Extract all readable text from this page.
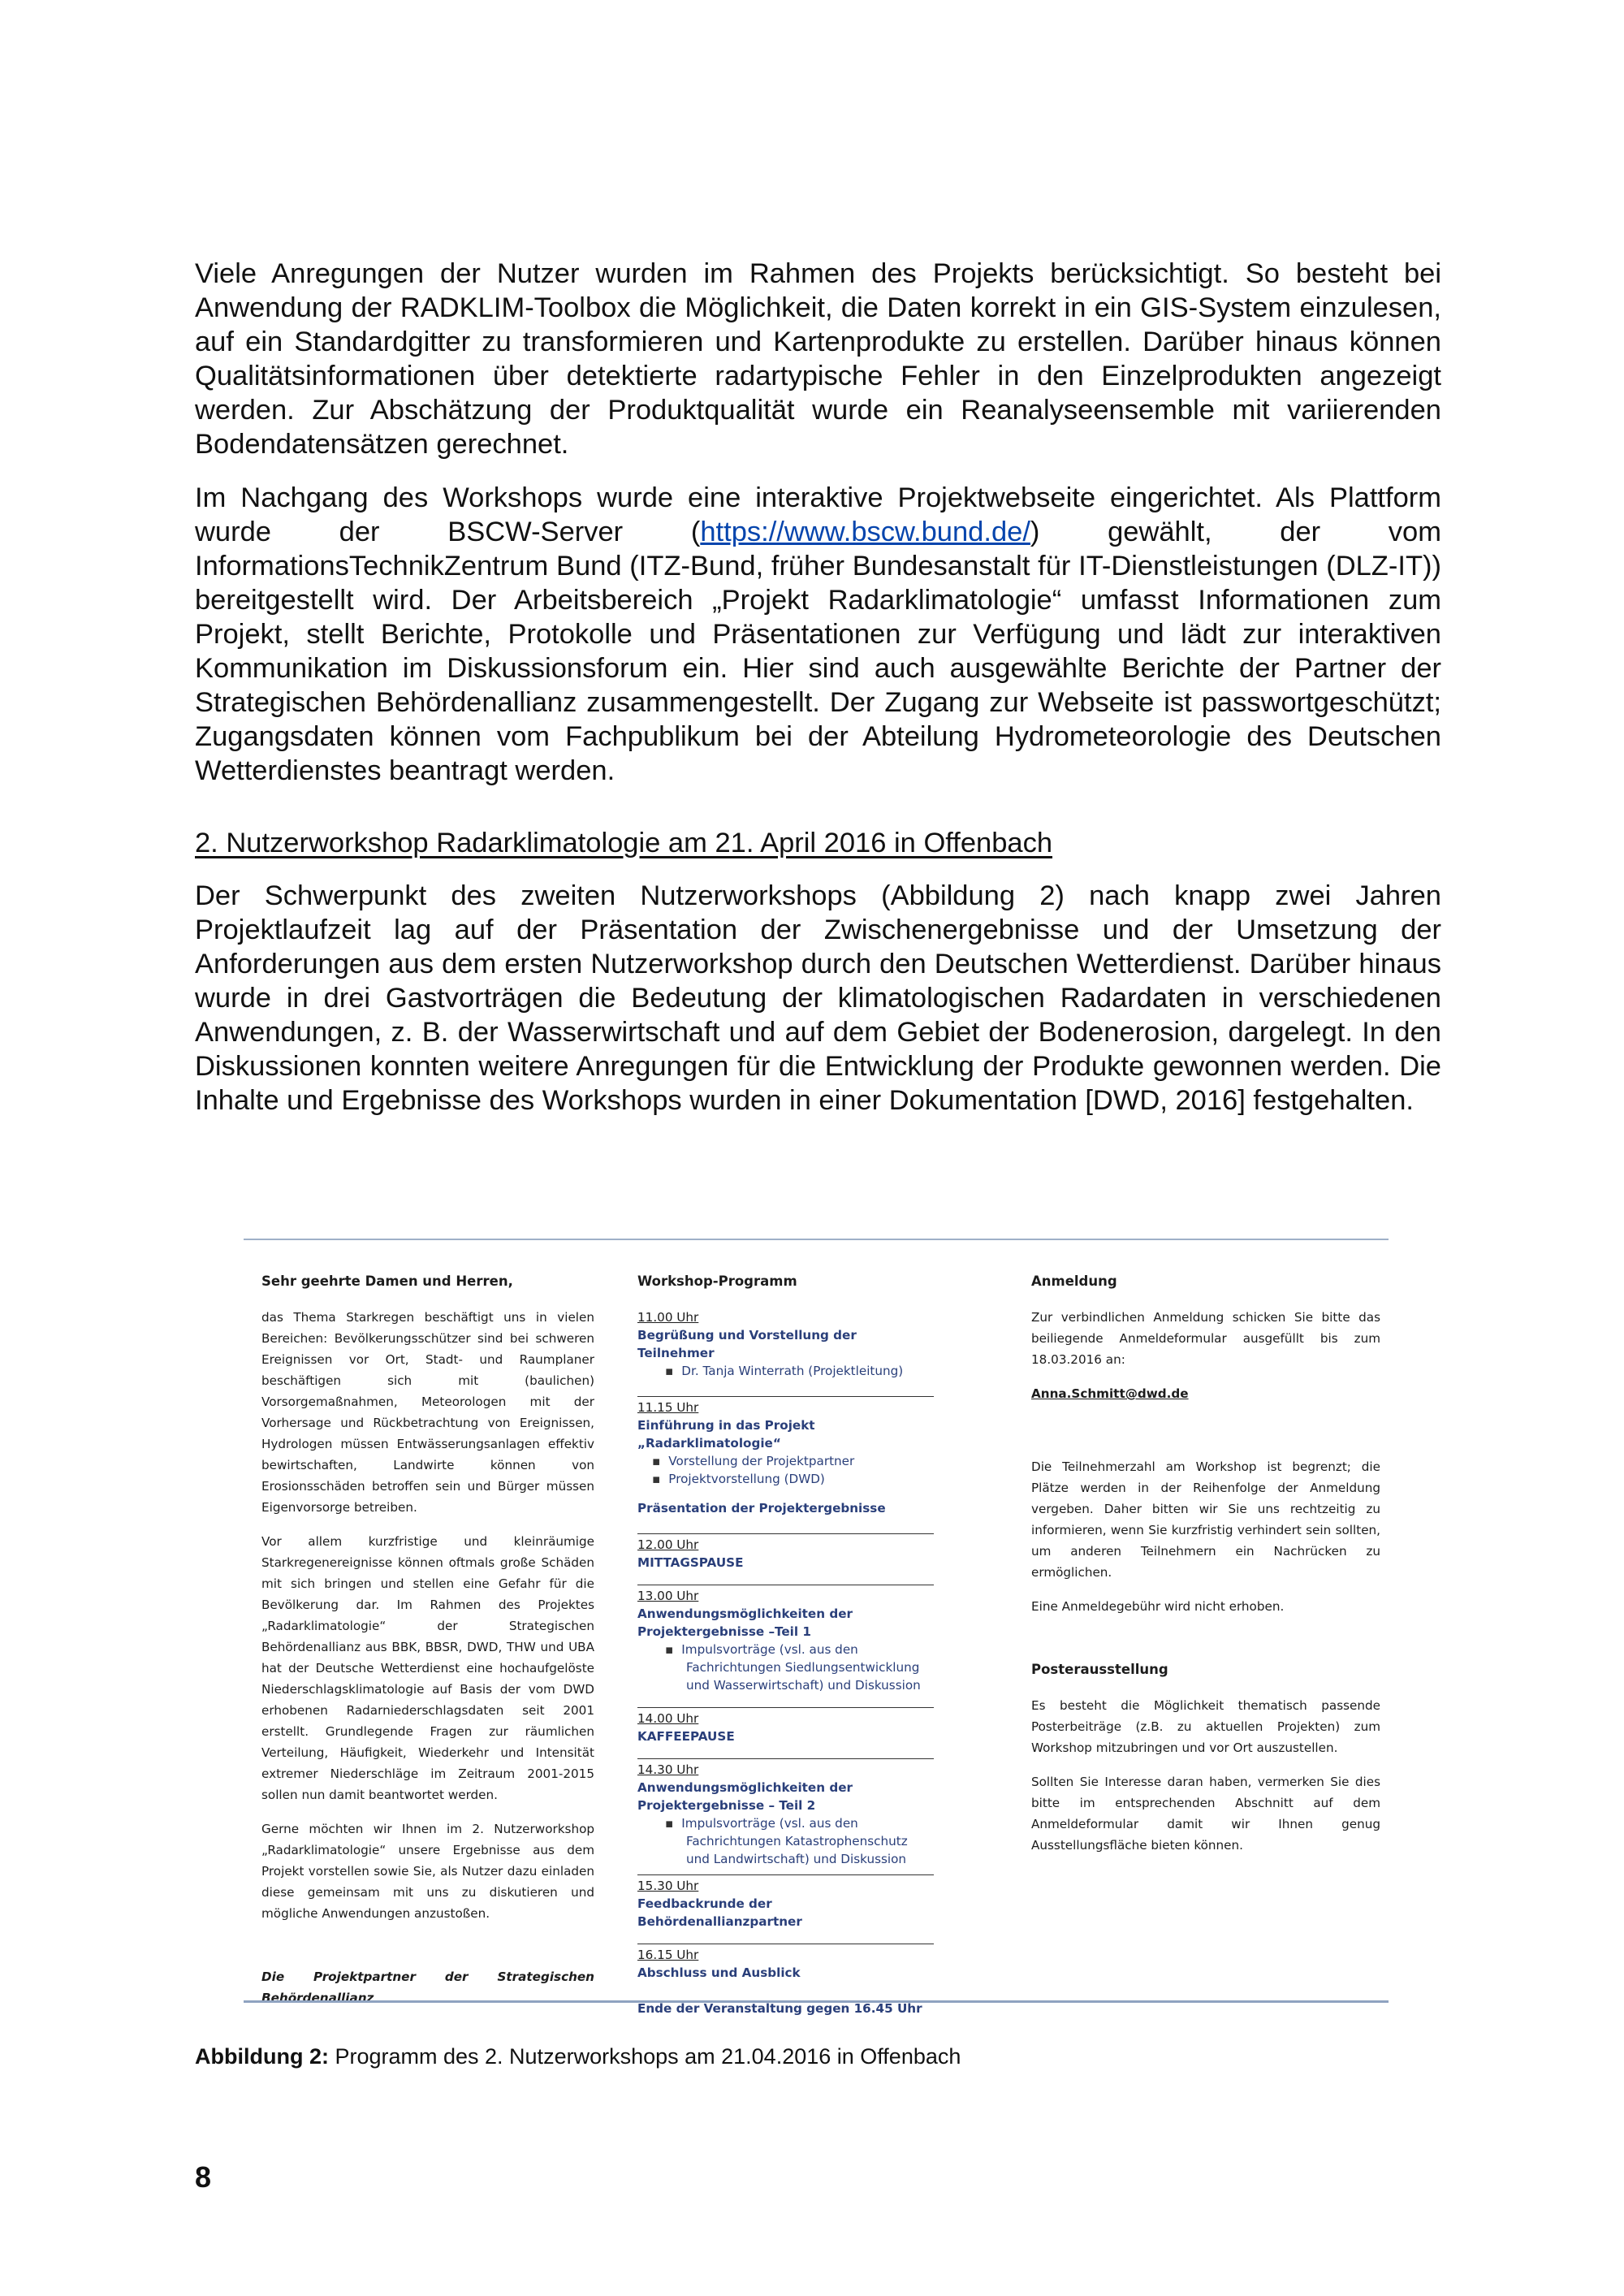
Viele Anregungen der Nutzer wurden im Rahmen des Projekts berücksichtigt. So besteht bei Anwendung der RADKLIM-Toolbox die Möglichkeit, die Daten korrekt in ein GIS-System einzulesen, auf ein Standardgitter zu transformieren und Kartenprodukte zu erstellen. Darüber hinaus können Qualitätsinformationen über detektierte radartypische Fehler in den Einzelprodukten angezeigt werden. Zur Abschätzung der Produktqualität wurde ein Reanalyseensemble mit variierenden Bodendatensätzen gerechnet.

Im Nachgang des Workshops wurde eine interaktive Projektwebseite eingerichtet. Als Plattform wurde der BSCW-Server (https://www.bscw.bund.de/) gewählt, der vom InformationsTechnikZentrum Bund (ITZ-Bund, früher Bundesanstalt für IT-Dienstleistungen (DLZ-IT)) bereitgestellt wird. Der Arbeitsbereich „Projekt Radarklimatologie“ umfasst Informationen zum Projekt, stellt Berichte, Protokolle und Präsentationen zur Verfügung und lädt zur interaktiven Kommunikation im Diskussionsforum ein. Hier sind auch ausgewählte Berichte der Partner der Strategischen Behördenallianz zusammengestellt. Der Zugang zur Webseite ist passwortgeschützt; Zugangsdaten können vom Fachpublikum bei der Abteilung Hydrometeorologie des Deutschen Wetterdienstes beantragt werden.

2. Nutzerworkshop Radarklimatologie am 21. April 2016 in Offenbach

Der Schwerpunkt des zweiten Nutzerworkshops (Abbildung 2) nach knapp zwei Jahren Projektlaufzeit lag auf der Präsentation der Zwischenergebnisse und der Umsetzung der Anforderungen aus dem ersten Nutzerworkshop durch den Deutschen Wetterdienst. Darüber hinaus wurde in drei Gastvorträgen die Bedeutung der klimatologischen Radardaten in verschiedenen Anwendungen, z. B. der Wasserwirtschaft und auf dem Gebiet der Bodenerosion, dargelegt. In den Diskussionen konnten weitere Anregungen für die Entwicklung der Produkte gewonnen werden. Die Inhalte und Ergebnisse des Workshops wurden in einer Dokumentation [DWD, 2016] festgehalten.

Sehr geehrte Damen und Herren,

das Thema Starkregen beschäftigt uns in vielen Bereichen: Bevölkerungsschützer sind bei schweren Ereignissen vor Ort, Stadt- und Raumplaner beschäftigen sich mit (baulichen) Vorsorgemaßnahmen, Meteorologen mit der Vorhersage und Rückbetrachtung von Ereignissen, Hydrologen müssen Entwässerungsanlagen effektiv bewirtschaften, Landwirte können von Erosionsschäden betroffen sein und Bürger müssen Eigenvorsorge betreiben.

Vor allem kurzfristige und kleinräumige Starkregenereignisse können oftmals große Schäden mit sich bringen und stellen eine Gefahr für die Bevölkerung dar. Im Rahmen des Projektes „Radarklimatologie“ der Strategischen Behördenallianz aus BBK, BBSR, DWD, THW und UBA hat der Deutsche Wetterdienst eine hochaufgelöste Niederschlagsklimatologie auf Basis der vom DWD erhobenen Radarniederschlagsdaten seit 2001 erstellt. Grundlegende Fragen zur räumlichen Verteilung, Häufigkeit, Wiederkehr und Intensität extremer Niederschläge im Zeitraum 2001-2015 sollen nun damit beantwortet werden.

Gerne möchten wir Ihnen im 2. Nutzerworkshop „Radarklimatologie“ unsere Ergebnisse aus dem Projekt vorstellen sowie Sie, als Nutzer dazu einladen diese gemeinsam mit uns zu diskutieren und mögliche Anwendungen anzustoßen.

Die Projektpartner der Strategischen Behördenallianz

Workshop-Programm
11.00 Uhr
Begrüßung und Vorstellung der Teilnehmer
▪ Dr. Tanja Winterrath (Projektleitung)
11.15 Uhr
Einführung in das Projekt „Radarklimatologie“
▪ Vorstellung der Projektpartner
▪ Projektvorstellung (DWD)
Präsentation der Projektergebnisse
12.00 Uhr
MITTAGSPAUSE
13.00 Uhr
Anwendungsmöglichkeiten der Projektergebnisse –Teil 1
▪ Impulsvorträge (vsl. aus den Fachrichtungen Siedlungsentwicklung und Wasserwirtschaft) und Diskussion
14.00 Uhr
KAFFEEPAUSE
14.30 Uhr
Anwendungsmöglichkeiten der Projektergebnisse – Teil 2
▪ Impulsvorträge (vsl. aus den Fachrichtungen Katastrophenschutz und Landwirtschaft) und Diskussion
15.30 Uhr
Feedbackrunde der Behördenallianzpartner
16.15 Uhr
Abschluss und Ausblick
Ende der Veranstaltung gegen 16.45 Uhr
Anmeldung

Zur verbindlichen Anmeldung schicken Sie bitte das beiliegende Anmeldeformular ausgefüllt bis zum 18.03.2016 an:

Anna.Schmitt@dwd.de

Die Teilnehmerzahl am Workshop ist begrenzt; die Plätze werden in der Reihenfolge der Anmeldung vergeben. Daher bitten wir Sie uns rechtzeitig zu informieren, wenn Sie kurzfristig verhindert sein sollten, um anderen Teilnehmern ein Nachrücken zu ermöglichen.

Eine Anmeldegebühr wird nicht erhoben.

Posterausstellung

Es besteht die Möglichkeit thematisch passende Posterbeiträge (z.B. zu aktuellen Projekten) zum Workshop mitzubringen und vor Ort auszustellen.

Sollten Sie Interesse daran haben, vermerken Sie dies bitte im entsprechenden Abschnitt auf dem Anmeldeformular damit wir Ihnen genug Ausstellungsfläche bieten können.

Abbildung 2: Programm des 2. Nutzerworkshops am 21.04.2016 in Offenbach

8
